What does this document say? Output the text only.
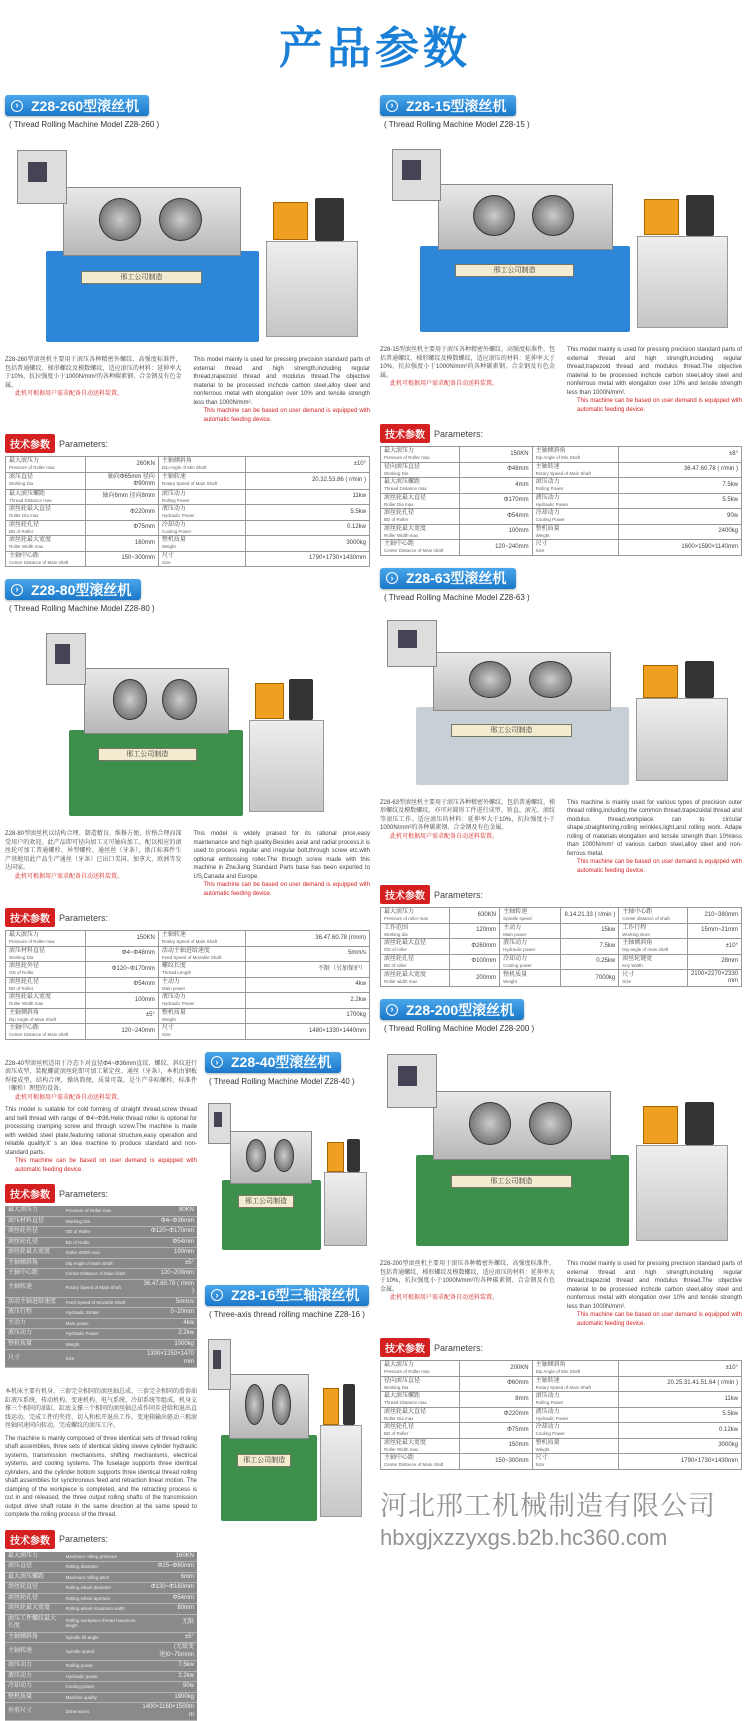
产品参数
› Z28-260型滚丝机
( Thread Rolling Machine Model Z28-260 )
邢工公司制造
Z28-260型滚丝机主要用于滚压各种精密外螺纹、高强度标准件，包括普通螺纹、梯形螺纹及模数螺纹，适应滚压的材料：延伸率大于10%，抗拉强度小于1000N/mm²的各种碳素钢、合金钢及有色金属。
此机可根据用户需求配备自动送料装置。
This model mainly is used for pressing precision standard parts of external thread and high strength,including regular thread,trapezoid thread and modulus thread.The objective material to be processed inchcde carbon steel,alloy steel and nonferrous metal with elongation over 10% and tensile strength less than 1000N/mm².
This machine can be based on user demand is equipped with automatic feeding device.
技术参数	Parameters:
最大滚压力
Pressure of Roller max	260KN	主轴倾斜角
Dip Angle of Min Shaft	±10°

滚压直径
Working Dia	轴向Φ65mm 径向Φ90mm	主轴转速
Rotary Speed of Main Shaft	20.32.53.86 ( r/min )

最大滚压螺距
Thread Distance max	轴向6mm 径向8mm	滚压动力
Rolling Power	11kw

滚丝轮最大直径
Roller Dia max	Φ220mm	液压动力
Hydraulic Power	5.5kw

滚丝轮孔径
BD of Roller	Φ75mm	冷却动力
Cooling Power	0.12kw

滚丝轮最大宽度
Roller Width max	160mm	整机质量
Weight	3000kg

主轴中心距
Center Distance of Main shaft	150~300mm	尺寸
Size	1790×1730×1430mm
› Z28-80型滚丝机
( Thread Rolling Machine Model Z28-80 )
邢工公司制造
Z28-80型滚丝机以结构合理、制造精良、维修方便、价格合理而深受用户的欢迎。此产品即可径向加工又可轴向加工，配以相应的滚丝轮可加工普通螺栓、异型螺栓、通丝丝（牙条），浙江标准件生产基地用此产品生产通丝（牙条）已出口美国、加拿大、欧洲等发达国家。
此机可根据用户需求配备自动送料装置。
This model is widely praised for its rational price,easy maintenance and high quality.Besides axial and radial process,it is used to process regular and irregular bolt,through screw etc.with optional embossing roller.The through screw made with this machine in ZheJiang Standard Parts base has been exported to US,Canada and Europe.
This machine can be based on user demand is equipped with automatic feeding device.
技术参数	Parameters:
最大滚压力
Pressure of Roller max	150KN	主轴转速
Rotary Speed of Main Shaft	36.47.60.78 (r/min)

滚压材料直径
Working Dia	Φ4~Φ48mm	活动主轴进给速度
Feed Speed of Movable Shaft	5mm/s

滚丝轮外径
OD of Roller	Φ120~Φ170mm	螺纹长度
Thread Length	不限（另加保护）

滚丝轮孔径
BD of Roller	Φ54mm	主动力
Main power	4kw

滚丝轮最大宽度
Roller Width max	100mm	液压动力
Hydraulic Power	2.2kw

主轴倾斜角
Dip Angle of Main Shaft	±5°	整机质量
Weight	1700kg

主轴中心距
Center Distance of Main shaft	120~240mm	尺寸
Size	1480×1330×1440mm
Z28-40型滚丝机适用于冷态下对直径Φ4~Φ36mm直纹、螺纹、斜纹进行滚压成型，装配螺旋滚丝轮即可加工紧定丝、通丝（牙条），本机由钢板焊接成型，结构合理，操纵简便，质量可靠，是生产非标螺栓、标准件（螺栓）理想的设备。
此机可根据用户需求配备自动送料装置。
This model is suitable for cold forming of straight thread,screw thread and twill thread with range of Φ4~Φ36.Helix thread roller is optional for processing cramping screw and through screw.The machine is made with welded steel plate,featuring rational structure,easy operation and reliable quality.It' s an idea machine to produce standard and non-standard parts.
This machine can be based on user demand is equipped with automatic feeding device.
技术参数	Parameters:
最大滚压力	Pressure of Roller max	80KN
滚压材料直径	Working Dia	Φ4~Φ36mm
滚丝轮外径	OD of Roller	Φ120~Φ170mm
滚丝轮孔径	BD of Roller	Φ54mm
滚丝轮最大宽度	Roller Width max	100mm
主轴倾斜角	Dip Angle of Main Shaft	±5°
主轴中心距	Center Distance of Main shaft	120~200mm
主轴转速	Rotary Speed of Main Shaft	36.47.60.78 ( r/min )
活动主轴进给速度	Feed Speed of Movable Shaft	5mm/s
液压行程	Hydraulic Stroke	0~20mm
主动力	Main power	4kw
液压动力	Hydraulic Power	2.2kw
整机质量	Weight	1000kg
尺寸	Size	1300×1250×1470mm
本机床主要有机身、三套完全相同的滚丝轴总成、三套完全相同的滑套油缸液压系统、传动机构、变速机构、电气系统、冷却系统等组成。机身支撑三个相同的油缸，缸底支撑三个相同的滚丝轴总成作同步进给和退出直线运动，完成工件的夹持、切入和松开退出工作，变速箱输出驱动三根滚丝轴同速同向转动，完成螺纹的滚压工序。
The machine is mainly composed of three identical sets of thread rolling shaft assemblies, three sets of identical sliding sleeve cylinder hydraulic systems, transmission mechanisms, shifting mechanisms, electrical systems, and cooling systems. The fuselage supports three identical cylinders, and the cylinder bottom supports three identical thread rolling shaft assemblies for synchronous feed and retraction linear motion. The clamping of the workpiece is completed, and the retracting process is cut in and released; the three output rolling shafts of the transmission output drive shaft rotate in the same direction at the same speed to complete the rolling process of the thread.
技术参数	Parameters:
最大滚压力	Maximum rolling pressure	160KN
滚压直径	Rolling diameter	Φ25~Φ80mm
最大滚压螺距	Maximum rolling pitch	6mm
滚丝轮直径	Rolling wheel diameter	Φ130~Φ160mm
滚丝轮孔径	Rolling wheel aperture	Φ54mm
滚丝轮最大宽度	Rolling wheel maximum width	80mm
滚压工件螺纹最大长度	Rolling workpiece thread maximum length	无限
主轴倾斜角	Spindle tilt angle	±5°
主轴转速	Spindle speed	(无级变速)0~75r/min
滚压动力	Rolling power	7.5kw
液压动力	Hydraulic power	2.2kw
冷却动力	Cooling power	90w
整机质量	Machine quality	1900kg
外形尺寸	Dimensions	1400×1160×1500mm
› Z28-40型滚丝机
( Thread Rolling Machine Model Z28-40 )
邢工公司制造
› Z28-16型三轴滚丝机
( Three-axis thread rolling machine Z28-16 )
邢工公司制造
› Z28-15型滚丝机
( Thread Rolling Machine Model Z28-15 )
邢工公司制造
Z28-15型滚丝机主要用于滚压各种精密外螺纹、高强度标准件，包括普通螺纹、梯形螺纹及模数螺纹，适应滚压的材料：延伸率大于10%，抗拉强度小于1000N/mm²的各种碳素钢、合金钢及有色金属。
此机可根据用户需求配备自动送料装置。
This model mainly is used for pressing precision standard parts of external thread and high strength,including regular thread,trapezoid thread and modulus thread.The objective material to be processed inchcde carbon steel,alloy steel and nonferrous metal with elongation over 10% and tensile strength less than 1000N/mm².
This machine can be based on user demand is equipped with automatic feeding device.
技术参数	Parameters:
最大滚压力
Pressure of Roller max	150KN	主轴倾斜角
Dip Angle of Min Shaft	±8°

径向滚压直径
Working Die	Φ48mm	主轴转速
Rotary Speed of Main Shaft	36.47.60.78 ( r/min )

最大滚压螺距
Thread Distance max	4mm	滚压动力
Rolling Power	7.5kw

滚丝轮最大直径
Roller Dia max	Φ170mm	液压动力
Hydraulic Power	5.5kw

滚丝轮孔径
BD of Roller	Φ54mm	冷却动力
Cooling Power	90w

滚丝轮最大宽度
Roller Width max	100mm	整机质量
Weight	2400kg

主轴中心距
Center Distance of Main shaft	120~240mm	尺寸
Size	1600×1590×1140mm
› Z28-63型滚丝机
( Thread Rolling Machine Model Z28-63 )
邢工公司制造
Z28-63型滚丝机主要用于滚压各种精密外螺纹，包括普通螺纹、梯形螺纹及模数螺纹，亦可对圆形工件进行成型、矫直、滚光、滚纹等滚压工作。适应滚压的材料：延伸率大于10%，抗拉强度小于1000N/mm²的各种碳素钢、合金钢及有色金属。
此机可根据用户需求配备自动送料装置。
This machine is mainly used for various types of precision outer thread rolling,including the common thread,trapezoidal thread and modulus thread,workpiece can to circular shape,straightening,rolling wrinkles,light,and rolling work. Adape rolling of materials:elongation and tensile strength than 10%less than 1000N/mm² of various carbon steel,alloy steel and non-ferrous metal.
This machine can be based on user demand is equipped with automatic feeding device.
技术参数	Parameters:
最大滚压力
Pressure of roller max	630KN	主轴转速
Spindle speed	8.14.21.33 ( r/min )	主轴中心距
Center distance of shaft	210~380mm

工作范围
Working dia	120mm	主动力
Main power	15kw	工作行程
Working store	15mm~21mm

滚丝轮最大直径
OD of roller	Φ260mm	液压动力
Hydraulic power	7.5kw	主轴倾斜角
Dip angle of main shaft	±10°

滚丝轮孔径
BD of roller	Φ100mm	冷却动力
Cooling power	0.25kw	滚丝轮键宽
Key Width	28mm

滚丝轮最大宽度
Roller width max	200mm	整机质量
Weight	7000kg	尺寸
Size	2100×2270×2330mm
› Z28-200型滚丝机
( Thread Rolling Machine Model Z28-200 )
邢工公司制造
Z28-200型滚丝机主要用于滚压各种精密外螺纹、高强度标准件，包括普通螺纹、梯形螺纹及模数螺纹，适应滚压的材料：延伸率大于10%，抗拉强度小于1000N/mm²的各种碳素钢、合金钢及有色金属。
此机可根据用户需求配备自动送料装置。
This model mainly is used for pressing precision standard parts of external thread and high strength,including regular thread,trapezoid thread and modulus thread.The objective material to be processed inchcde carbon steel,alloy steel and nonferrous metal with elongation over 10% and tensile strength less than 1000N/mm².
This machine can be based on user demand is equipped with automatic feeding device.
技术参数	Parameters:
最大滚压力
Pressure of Roller max	200KN	主轴倾斜角
Dip Angle of Min Shaft	±10°

径向滚压直径
Working Dia	Φ60mm	主轴转速
Rotary Speed of Main Shaft	20.25.31.41.51.64 ( r/min )

最大滚压螺距
Thread Distance max	8mm	滚压动力
Rolling Power	11kw

滚丝轮最大直径
Roller Dia max	Φ220mm	液压动力
Hydraulic Power	5.5kw

滚丝轮孔径
BD of Roller	Φ75mm	冷却动力
Cooling Power	0.12kw

滚丝轮最大宽度
Roller Width max	150mm	整机质量
Weight	3000kg

主轴中心距
Center Distance of Main shaft	150~300mm	尺寸
Size	1790×1730×1430mm
河北邢工机械制造有限公司
hbxgjxzzyxgs.b2b.hc360.com
